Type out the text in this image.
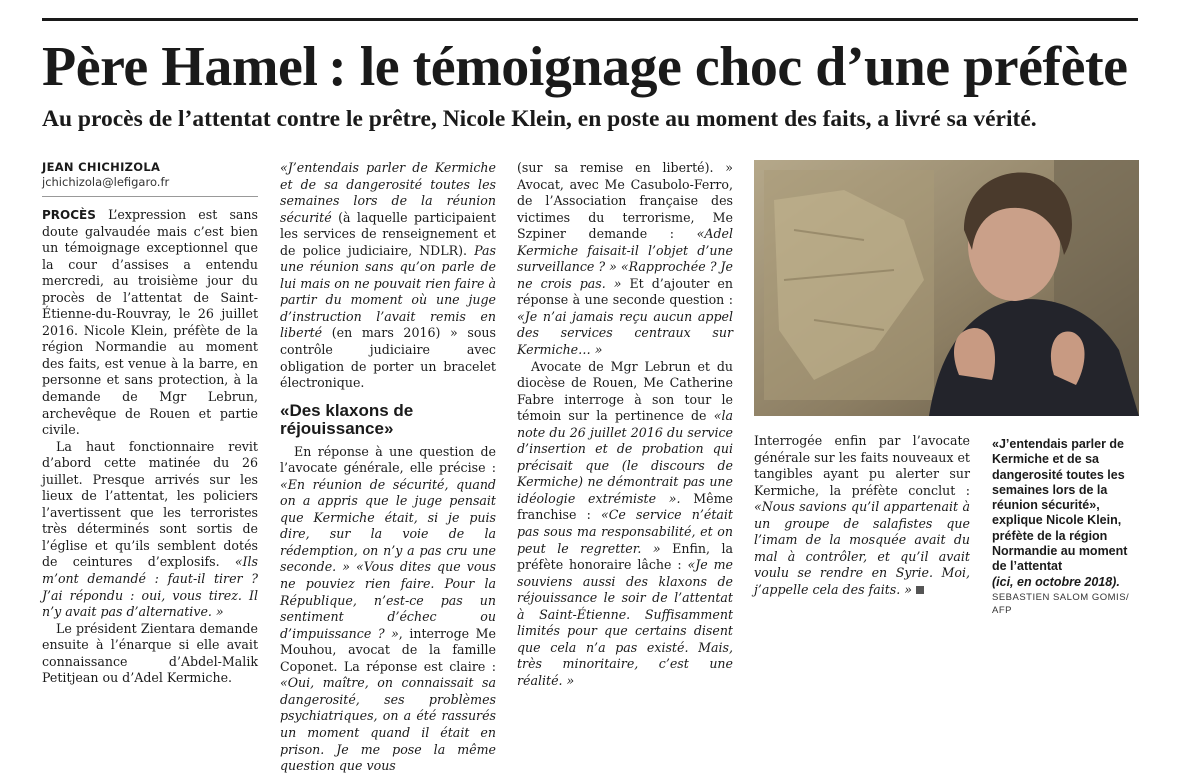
Père Hamel : le témoignage choc d’une préfète
Au procès de l’attentat contre le prêtre, Nicole Klein, en poste au moment des faits, a livré sa vérité.
JEAN CHICHIZOLA
jchichizola@lefigaro.fr

PROCÈS L’expression est sans doute galvaudée mais c’est bien un témoignage exceptionnel que la cour d’assises a entendu mercredi, au troisième jour du procès de l’attentat de Saint-Étienne-du-Rouvray, le 26 juillet 2016. Nicole Klein, préfète de la région Normandie au moment des faits, est venue à la barre, en personne et sans protection, à la demande de Mgr Lebrun, archevêque de Rouen et partie civile.

La haut fonctionnaire revit d’abord cette matinée du 26 juillet. Presque arrivés sur les lieux de l’attentat, les policiers l’avertissent que les terroristes très déterminés sont sortis de l’église et qu’ils semblent dotés de ceintures d’explosifs. «Ils m’ont demandé : faut-il tirer ? J’ai répondu : oui, vous tirez. Il n’y avait pas d’alternative. »

Le président Zientara demande ensuite à l’énarque si elle avait connaissance d’Abdel-Malik Petitjean ou d’Adel Kermiche.

«J’entendais parler de Kermiche et de sa dangerosité toutes les semaines lors de la réunion sécurité (à laquelle participaient les services de renseignement et de police judiciaire, NDLR). Pas une réunion sans qu’on parle de lui mais on ne pouvait rien faire à partir du moment où une juge d’instruction l’avait remis en liberté (en mars 2016) » sous contrôle judiciaire avec obligation de porter un bracelet électronique.

«Des klaxons de réjouissance»

En réponse à une question de l’avocate générale, elle précise : «En réunion de sécurité, quand on a appris que le juge pensait que Kermiche était, si je puis dire, sur la voie de la rédemption, on n’y a pas cru une seconde. » «Vous dites que vous ne pouviez rien faire. Pour la République, n’est-ce pas un sentiment d’échec ou d’impuissance ? », interroge Me Mouhou, avocat de la famille Coponet. La réponse est claire : «Oui, maître, on connaissait sa dangerosité, ses problèmes psychiatriques, on a été rassurés un moment quand il était en prison. Je me pose la même question que vous

(sur sa remise en liberté). » Avocat, avec Me Casubolo-Ferro, de l’Association française des victimes du terrorisme, Me Szpiner demande : «Adel Kermiche faisait-il l’objet d’une surveillance ? » «Rapprochée ? Je ne crois pas. » Et d’ajouter en réponse à une seconde question : «Je n’ai jamais reçu aucun appel des services centraux sur Kermiche… »

Avocate de Mgr Lebrun et du diocèse de Rouen, Me Catherine Fabre interroge à son tour le témoin sur la pertinence de «la note du 26 juillet 2016 du service d’insertion et de probation qui précisait que (le discours de Kermiche) ne démontrait pas une idéologie extrémiste ». Même franchise : «Ce service n’était pas sous ma responsabilité, et on peut le regretter. » Enfin, la préfète honoraire lâche : «Je me souviens aussi des klaxons de réjouissance le soir de l’attentat à Saint-Étienne. Suffisamment limités pour que certains disent que cela n’a pas existé. Mais, très minoritaire, c’est une réalité. »

Interrogée enfin par l’avocate générale sur les faits nouveaux et tangibles ayant pu alerter sur Kermiche, la préfète conclut : «Nous savions qu’il appartenait à un groupe de salafistes que l’imam de la mosquée avait du mal à contrôler, et qu’il avait voulu se rendre en Syrie. Moi, j’appelle cela des faits. »

«J’entendais parler de Kermiche et de sa dangerosité toutes les semaines lors de la réunion sécurité»,
explique Nicole Klein, préfète de la région Normandie au moment de l’attentat
(ici, en octobre 2018).
SEBASTIEN SALOM GOMIS/ AFP
